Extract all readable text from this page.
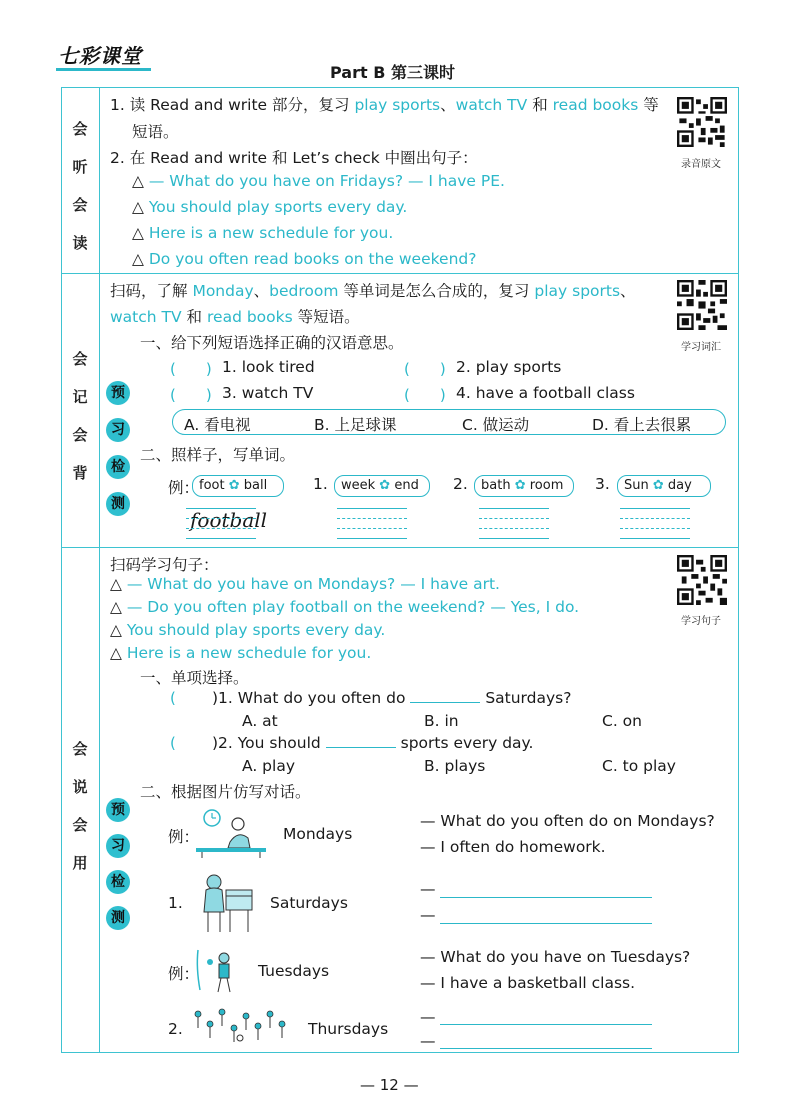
七彩课堂
Part B 第三课时
会
听
会
读
会
记
会
背
会
说
会
用
1. 读 Read and write 部分，复习 play sports、watch TV 和 read books 等
短语。
2. 在 Read and write 和 Let’s check 中圈出句子：
△ — What do you have on Fridays? — I have PE.
△ You should play sports every day.
△ Here is a new schedule for you.
△ Do you often read books on the weekend?
录音原文
学习词汇
学习句子
扫码，了解 Monday、bedroom 等单词是怎么合成的，复习 play sports、
watch TV 和 read books 等短语。
预
习
检
测
一、给下列短语选择正确的汉语意思。
(　　) 1. look tired	(　　) 2. play sports
(　　) 3. watch TV	(　　) 4. have a football class
A. 看电视	B. 上足球课	C. 做运动	D. 看上去很累
二、照样子，写单词。
例： foot ✿ ball
football
1.	week ✿ end	2.	bath ✿ room	3.	Sun ✿ day
扫码学习句子：
△ — What do you have on Mondays? — I have art.
△ — Do you often play football on the weekend? — Yes, I do.
△ You should play sports every day.
△ Here is a new schedule for you.
一、单项选择。
( )1. What do you often do	Saturdays?
A. at	B. in	C. on
( )2. You should	sports every day.
A. play	B. plays	C. to play
二、根据图片仿写对话。
预
习
检
测
例：	Mondays
— What do you often do on Mondays?
— I often do homework.
1.	Saturdays
—
—
例：	Tuesdays
— What do you have on Tuesdays?
— I have a basketball class.
2.	Thursdays
—
—
— 12 —
